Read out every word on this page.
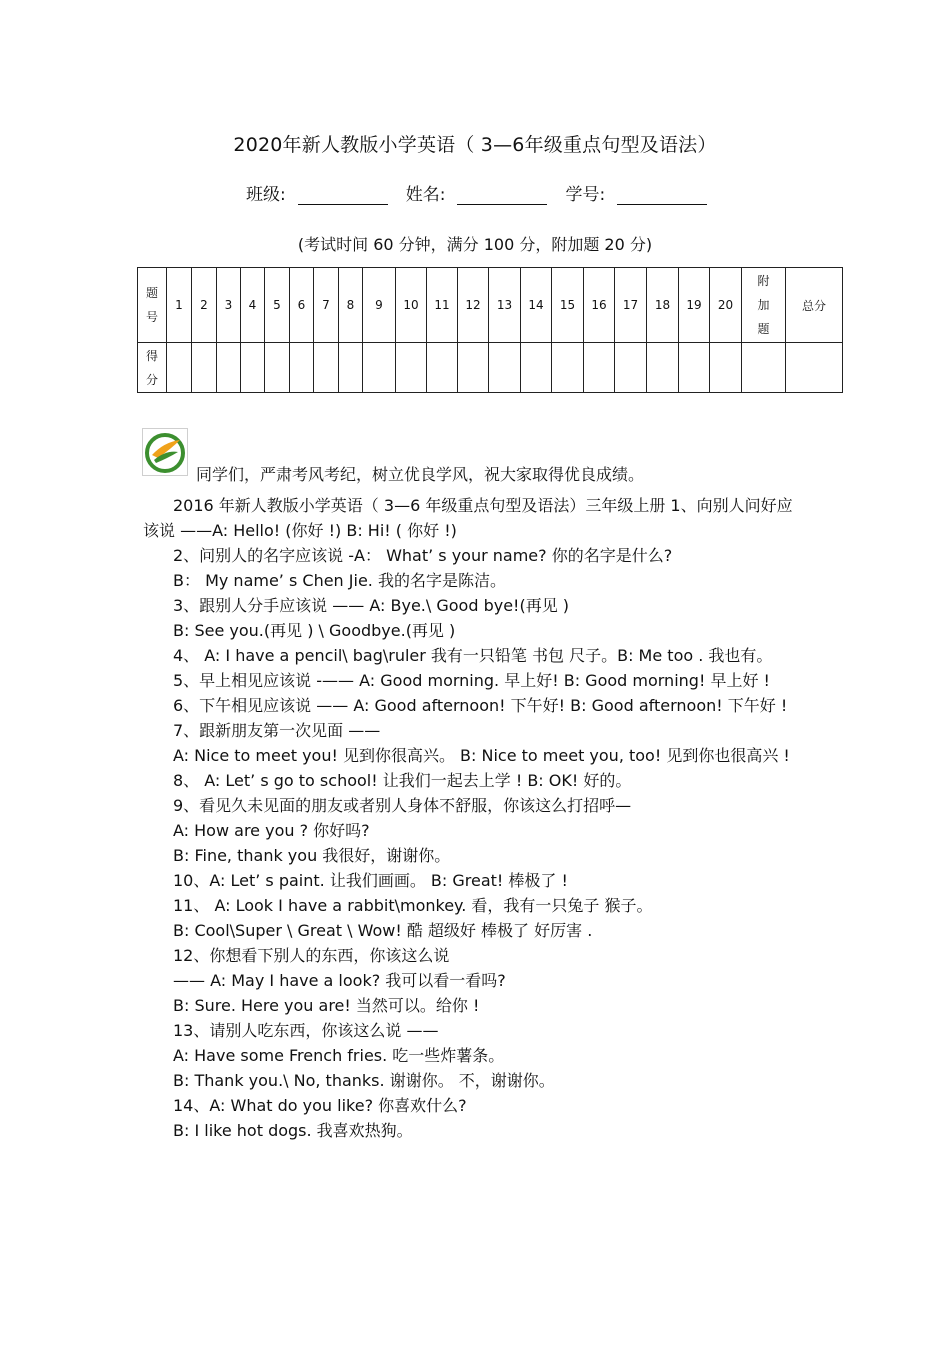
2020年新人教版小学英语（ 3—6年级重点句型及语法）
班级:	姓名:	学号:
(考试时间 60 分钟，满分 100 分，附加题 20 分)
题号	1	2	3	4	5	6	7	8	9	10	11	12	13	14	15	16	17	18	19	20	附加题	总分
得分																						
同学们，严肃考风考纪，树立优良学风，祝大家取得优良成绩。

2016 年新人教版小学英语（ 3—6 年级重点句型及语法）三年级上册 1、向别人问好应该说 ——A: Hello! (你好 !) B: Hi! ( 你好 !)

2、问别人的名字应该说 -A： What’ s your name? 你的名字是什么?

B： My name’ s Chen Jie. 我的名字是陈洁。

3、跟别人分手应该说 —— A: Bye.\ Good bye!(再见 )

B: See you.(再见 ) \ Goodbye.(再见 )

4、 A: I have a pencil\ bag\ruler 我有一只铅笔 书包 尺子。B: Me too . 我也有。

5、早上相见应该说 -—— A: Good morning. 早上好! B: Good morning! 早上好 !

6、下午相见应该说 —— A: Good afternoon! 下午好! B: Good afternoon! 下午好 !

7、跟新朋友第一次见面 ——

A: Nice to meet you! 见到你很高兴。 B: Nice to meet you, too! 见到你也很高兴 !

8、 A: Let’ s go to school! 让我们一起去上学 ! B: OK! 好的。

9、看见久未见面的朋友或者别人身体不舒服，你该这么打招呼—

A: How are you ? 你好吗?

B: Fine, thank you 我很好，谢谢你。

10、A: Let’ s paint. 让我们画画。 B: Great! 棒极了 !

11、 A: Look I have a rabbit\monkey. 看，我有一只兔子 猴子。

B: Cool\Super \ Great \ Wow! 酷 超级好 棒极了 好厉害 .

12、你想看下别人的东西，你该这么说

—— A: May I have a look? 我可以看一看吗?

B: Sure. Here you are! 当然可以。给你 !

13、请别人吃东西，你该这么说 ——

A: Have some French fries. 吃一些炸薯条。

B: Thank you.\ No, thanks. 谢谢你。 不，谢谢你。

14、A: What do you like? 你喜欢什么?

B: I like hot dogs. 我喜欢热狗。
